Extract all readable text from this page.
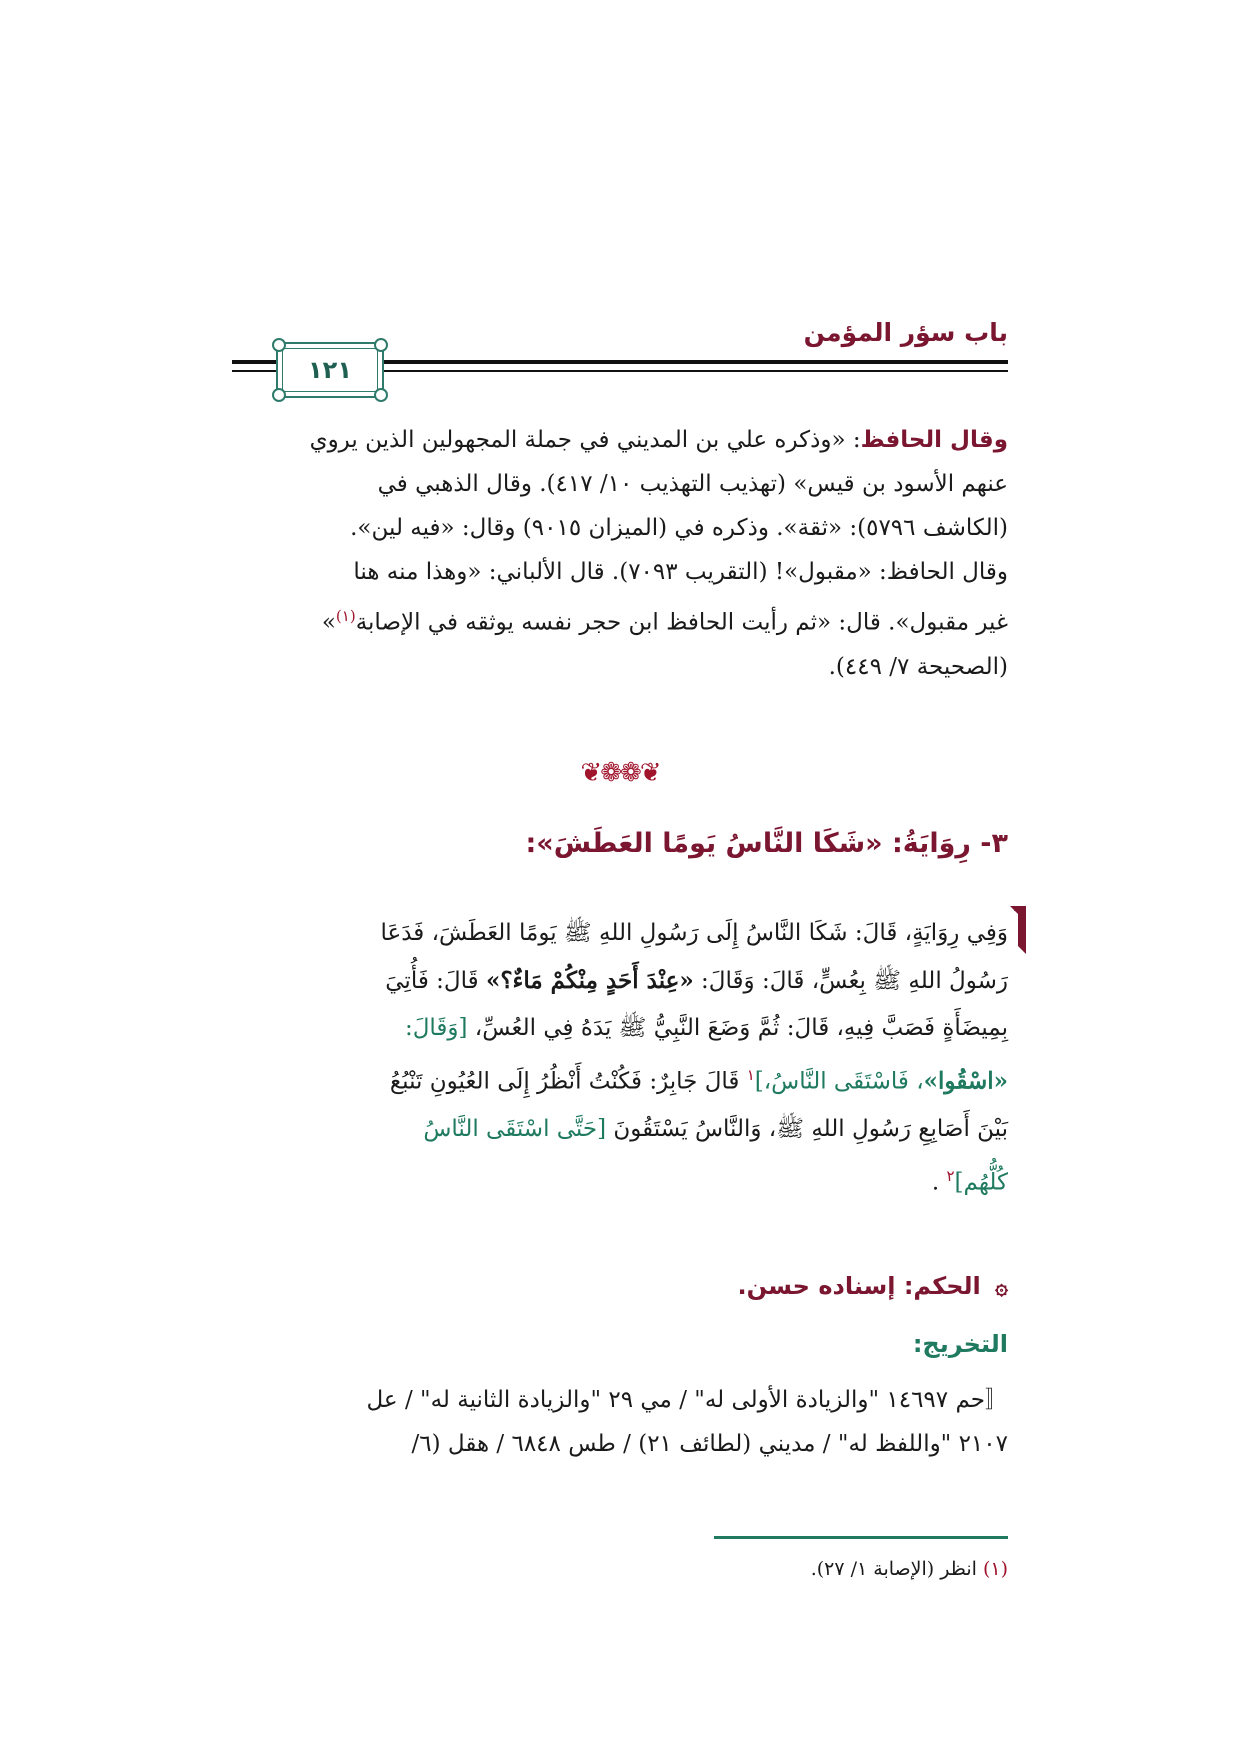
باب سؤر المؤمن
١٢١

وقال الحافظ: «وذكره علي بن المديني في جملة المجهولين الذين يروي

عنهم الأسود بن قيس» (تهذيب التهذيب ١٠/ ٤١٧). وقال الذهبي في

(الكاشف ٥٧٩٦): «ثقة». وذكره في (الميزان ٩٠١٥) وقال: «فيه لين».

وقال الحافظ: «مقبول»! (التقريب ٧٠٩٣). قال الألباني: «وهذا منه هنا

غير مقبول». قال: «ثم رأيت الحافظ ابن حجر نفسه يوثقه في الإصابة$^{(١)}$»

(الصحيحة ٧/ ٤٤٩).

❦❁❁❦
٣- رِوَايَةُ: «شَكَا النَّاسُ يَومًا العَطَشَ»:

وَفِي رِوَايَةٍ، قَالَ: شَكَا النَّاسُ إِلَى رَسُولِ اللهِ ﷺ يَومًا العَطَشَ، فَدَعَا

رَسُولُ اللهِ ﷺ بِعُسٍّ، قَالَ: وَقَالَ: «عِنْدَ أَحَدٍ مِنْكُمْ مَاءٌ؟» قَالَ: فَأُتِيَ

بِمِيضَأَةٍ فَصَبَّ فِيهِ، قَالَ: ثُمَّ وَضَعَ النَّبِيُّ ﷺ يَدَهُ فِي العُسِّ، [وَقَالَ:

«اسْقُوا»، فَاسْتَقَى النَّاسُ،]$^١$ قَالَ جَابِرٌ: فَكُنْتُ أَنْظُرُ إِلَى العُيُونِ تَنْبُعُ

بَيْنَ أَصَابِعِ رَسُولِ اللهِ ﷺ، وَالنَّاسُ يَسْتَقُونَ [حَتَّى اسْتَقَى النَّاسُ

كُلُّهُم]$^٢$ .

۞ الحكم: إسناده حسن.
التخريج:

〚حم ١٤٦٩٧ "والزيادة الأولى له" / مي ٢٩ "والزيادة الثانية له" / عل

٢١٠٧ "واللفظ له" / مديني (لطائف ٢١) / طس ٦٨٤٨ / هقل (٦/

(١) انظر (الإصابة ١/ ٢٧).
